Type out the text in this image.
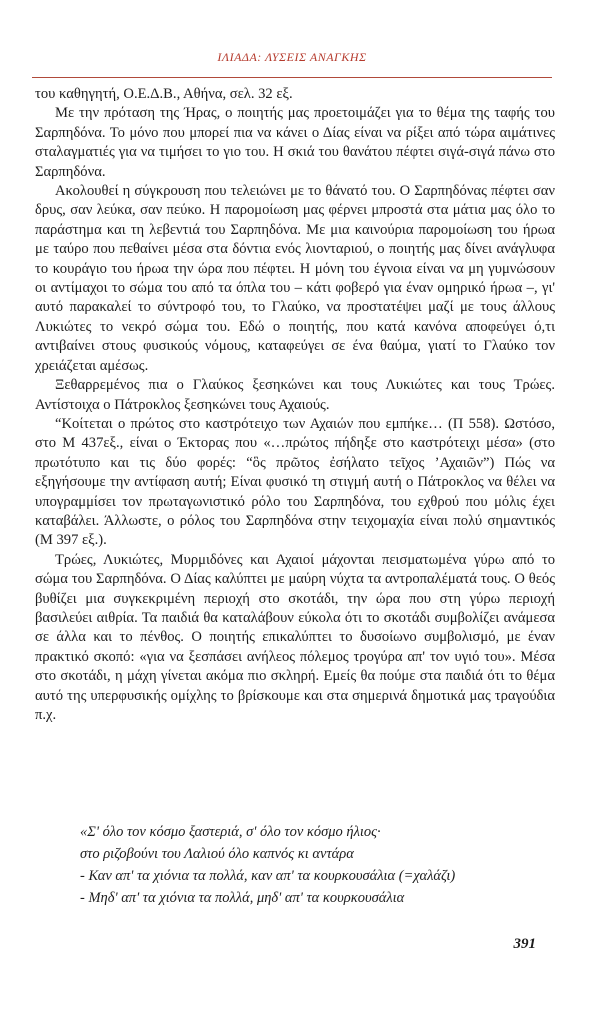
ΙΛΙΑΔΑ: ΛΥΣΕΙΣ ΑΝΑΓΚΗΣ

του καθηγητή, Ο.Ε.Δ.Β., Αθήνα, σελ. 32 εξ.

Με την πρόταση της Ήρας, ο ποιητής μας προετοιμάζει για το θέμα της ταφής του Σαρπηδόνα. Το μόνο που μπορεί πια να κάνει ο Δίας είναι να ρίξει από τώρα αιμάτινες σταλαγματιές για να τιμήσει το γιο του. Η σκιά του θανάτου πέφτει σιγά-σιγά πάνω στο Σαρπηδόνα.

Ακολουθεί η σύγκρουση που τελειώνει με το θάνατό του. Ο Σαρπηδόνας πέφτει σαν δρυς, σαν λεύκα, σαν πεύκο. Η παρομοίωση μας φέρνει μπροστά στα μάτια μας όλο το παράστημα και τη λεβεντιά του Σαρπηδόνα. Με μια καινούρια παρομοίωση του ήρωα με ταύρο που πεθαίνει μέσα στα δόντια ενός λιονταριού, ο ποιητής μας δίνει ανάγλυφα το κουράγιο του ήρωα την ώρα που πέφτει. Η μόνη του έγνοια είναι να μη γυμνώσουν οι αντίμαχοι το σώμα του από τα όπλα του – κάτι φοβερό για έναν ομηρικό ήρωα –, γι' αυτό παρακαλεί το σύντροφό του, το Γλαύκο, να προστατέψει μαζί με τους άλλους Λυκιώτες το νεκρό σώμα του. Εδώ ο ποιητής, που κατά κανόνα αποφεύγει ό,τι αντιβαίνει στους φυσικούς νόμους, καταφεύγει σε ένα θαύμα, γιατί το Γλαύκο τον χρειάζεται αμέσως.

Ξεθαρρεμένος πια ο Γλαύκος ξεσηκώνει και τους Λυκιώτες και τους Τρώες. Αντίστοιχα ο Πάτροκλος ξεσηκώνει τους Αχαιούς.

“Κοίτεται ο πρώτος στο καστρότειχο των Αχαιών που εμπήκε… (Π 558). Ωστόσο, στο Μ 437εξ., είναι ο Έκτορας που «…πρώτος πήδηξε στο καστρότειχι μέσα» (στο πρωτότυπο και τις δύο φορές: “ὃς πρῶτος ἐσήλατο τεῖχος ’Αχαιῶν”) Πώς να εξηγήσουμε την αντίφαση αυτή; Είναι φυσικό τη στιγμή αυτή ο Πάτροκλος να θέλει να υπογραμμίσει τον πρωταγωνιστικό ρόλο του Σαρπηδόνα, του εχθρού που μόλις έχει καταβάλει. Άλλωστε, ο ρόλος του Σαρπηδόνα στην τειχομαχία είναι πολύ σημαντικός (Μ 397 εξ.).

Τρώες, Λυκιώτες, Μυρμιδόνες και Αχαιοί μάχονται πεισματωμένα γύρω από το σώμα του Σαρπηδόνα. Ο Δίας καλύπτει με μαύρη νύχτα τα αντροπαλέματά τους. Ο θεός βυθίζει μια συγκεκριμένη περιοχή στο σκοτάδι, την ώρα που στη γύρω περιοχή βασιλεύει αιθρία. Τα παιδιά θα καταλάβουν εύκολα ότι το σκοτάδι συμβολίζει ανάμεσα σε άλλα και το πένθος. Ο ποιητής επικαλύπτει το δυσοίωνο συμβολισμό, με έναν πρακτικό σκοπό: «για να ξεσπάσει ανήλεος πόλεμος τρογύρα απ' τον υγιό του». Μέσα στο σκοτάδι, η μάχη γίνεται ακόμα πιο σκληρή. Εμείς θα πούμε στα παιδιά ότι το θέμα αυτό της υπερφυσικής ομίχλης το βρίσκουμε και στα σημερινά δημοτικά μας τραγούδια π.χ.

«Σ' όλο τον κόσμο ξαστεριά, σ' όλο τον κόσμο ήλιος·
στο ριζοβούνι του Λαλιού όλο καπνός κι αντάρα
- Καν απ' τα χιόνια τα πολλά, καν απ' τα κουρκουσάλια (=χαλάζι)
- Μηδ' απ' τα χιόνια τα πολλά, μηδ' απ' τα κουρκουσάλια
391
